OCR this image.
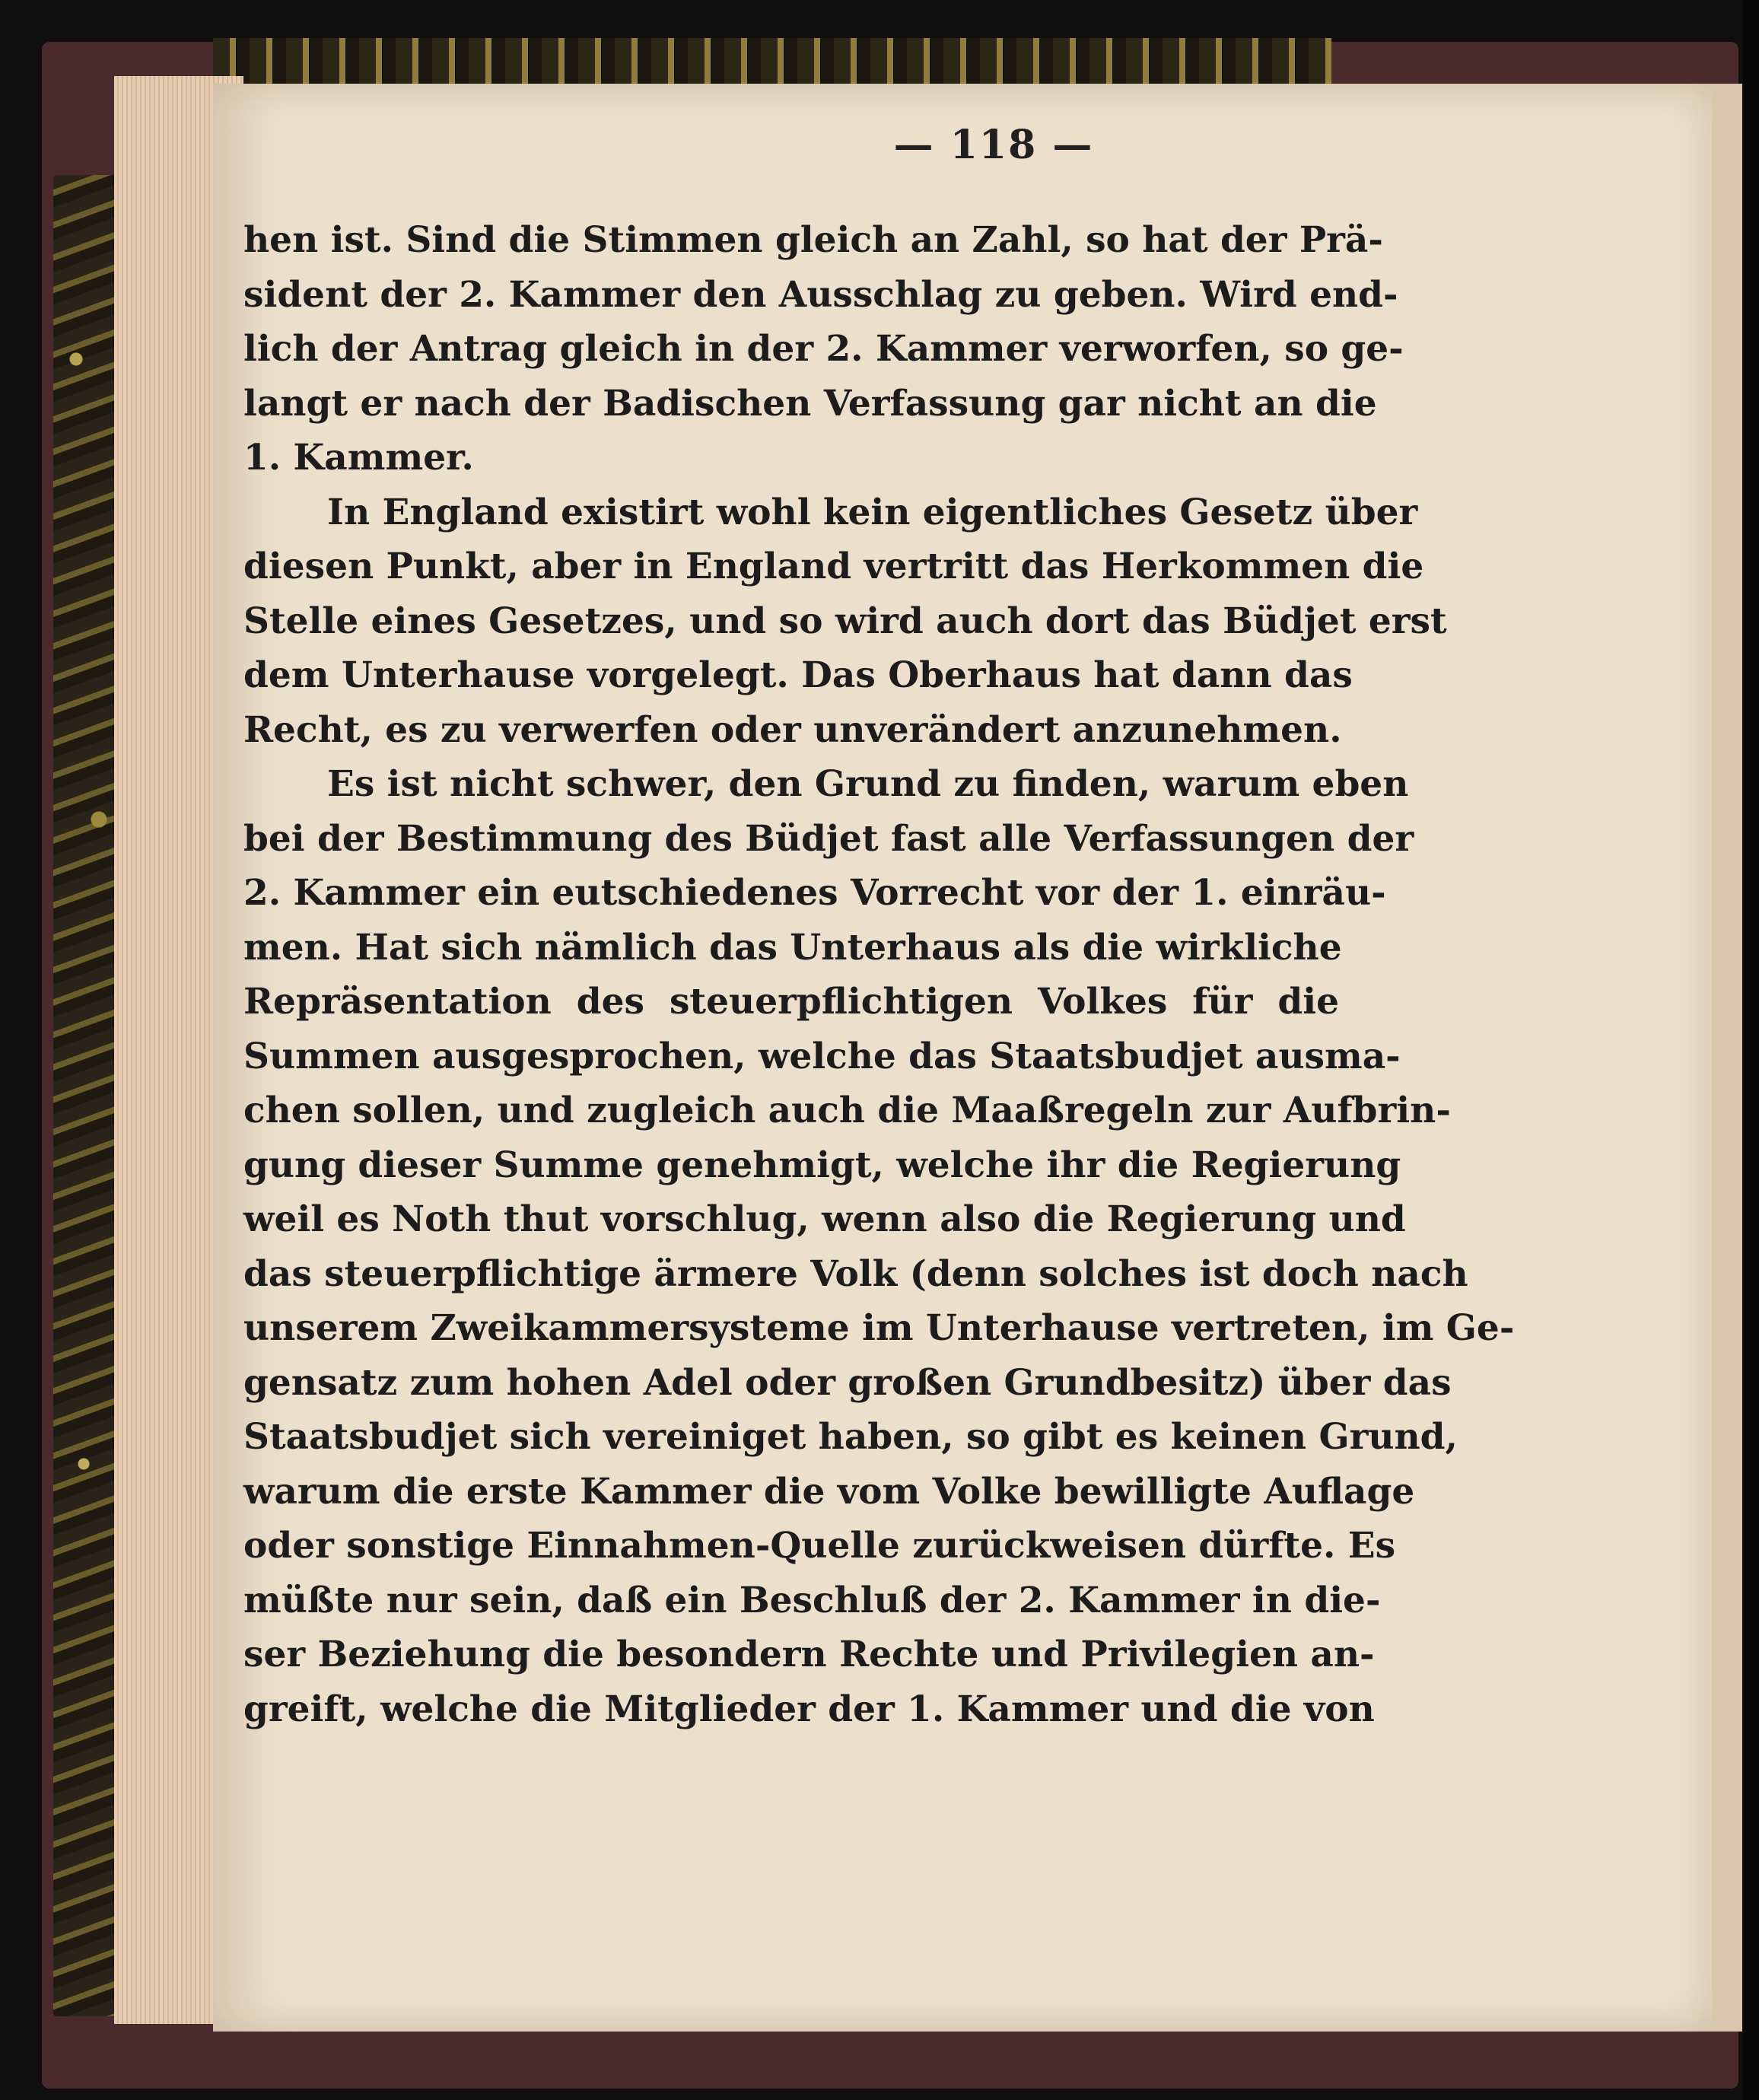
— 118 —
hen ist. Sind die Stimmen gleich an Zahl, so hat der Prä-
sident der 2. Kammer den Ausschlag zu geben. Wird end-
lich der Antrag gleich in der 2. Kammer verworfen, so ge-
langt er nach der Badischen Verfassung gar nicht an die
1. Kammer.
In England existirt wohl kein eigentliches Gesetz über
diesen Punkt, aber in England vertritt das Herkommen die
Stelle eines Gesetzes, und so wird auch dort das Büdjet erst
dem Unterhause vorgelegt. Das Oberhaus hat dann das
Recht, es zu verwerfen oder unverändert anzunehmen.
Es ist nicht schwer, den Grund zu finden, warum eben
bei der Bestimmung des Büdjet fast alle Verfassungen der
2. Kammer ein eutschiedenes Vorrecht vor der 1. einräu-
men. Hat sich nämlich das Unterhaus als die wirkliche
Repräsentation des steuerpflichtigen Volkes für die
Summen ausgesprochen, welche das Staatsbudjet ausma-
chen sollen, und zugleich auch die Maaßregeln zur Aufbrin-
gung dieser Summe genehmigt, welche ihr die Regierung
weil es Noth thut vorschlug, wenn also die Regierung und
das steuerpflichtige ärmere Volk (denn solches ist doch nach
unserem Zweikammersysteme im Unterhause vertreten, im Ge-
gensatz zum hohen Adel oder großen Grundbesitz) über das
Staatsbudjet sich vereiniget haben, so gibt es keinen Grund,
warum die erste Kammer die vom Volke bewilligte Auflage
oder sonstige Einnahmen-Quelle zurückweisen dürfte. Es
müßte nur sein, daß ein Beschluß der 2. Kammer in die-
ser Beziehung die besondern Rechte und Privilegien an-
greift, welche die Mitglieder der 1. Kammer und die von
